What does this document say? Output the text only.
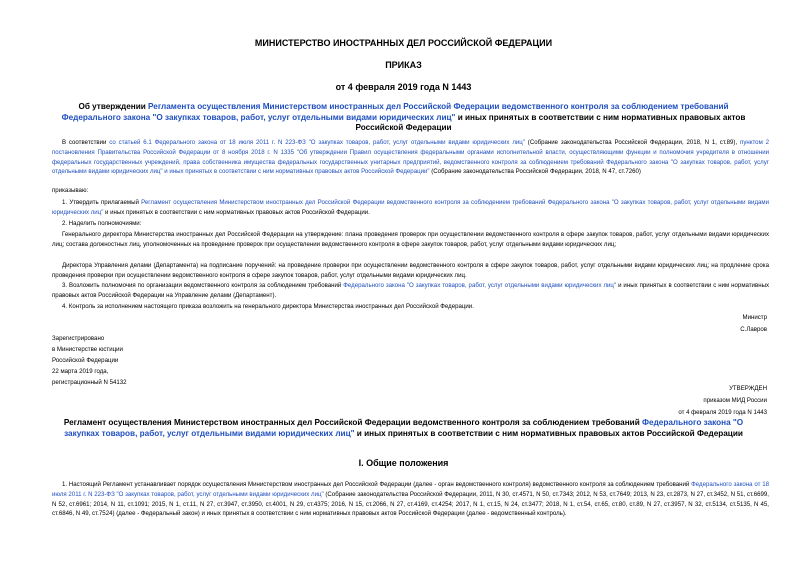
МИНИСТЕРСТВО ИНОСТРАННЫХ ДЕЛ РОССИЙСКОЙ ФЕДЕРАЦИИ
ПРИКАЗ
от 4 февраля 2019 года N 1443
Об утверждении Регламента осуществления Министерством иностранных дел Российской Федерации ведомственного контроля за соблюдением требований Федерального закона "О закупках товаров, работ, услуг отдельными видами юридических лиц" и иных принятых в соответствии с ним нормативных правовых актов Российской Федерации
В соответствии со статьей 6.1 Федерального закона от 18 июля 2011 г. N 223-ФЗ "О закупках товаров, работ, услуг отдельными видами юридических лиц" (Собрание законодательства Российской Федерации, 2018, N 1, ст.89), пунктом 2 постановления Правительства Российской Федерации от 8 ноября 2018 г. N 1335 "Об утверждении Правил осуществления федеральными органами исполнительной власти, осуществляющими функции и полномочия учредителя в отношении федеральных государственных учреждений, права собственника имущества федеральных государственных унитарных предприятий, ведомственного контроля за соблюдением требований Федерального закона "О закупках товаров, работ, услуг отдельными видами юридических лиц" и иных принятых в соответствии с ним нормативных правовых актов Российской Федерации" (Собрание законодательства Российской Федерации, 2018, N 47, ст.7260)
приказываю:
1. Утвердить прилагаемый Регламент осуществления Министерством иностранных дел Российской Федерации ведомственного контроля за соблюдением требований Федерального закона "О закупках товаров, работ, услуг отдельными видами юридических лиц" и иных принятых в соответствии с ним нормативных правовых актов Российской Федерации.
2. Наделить полномочиями:
Генерального директора Министерства иностранных дел Российской Федерации на утверждение: плана проведения проверок при осуществлении ведомственного контроля в сфере закупок товаров, работ, услуг отдельными видами юридических лиц; состава должностных лиц, уполномоченных на проведение проверок при осуществлении ведомственного контроля в сфере закупок товаров, работ, услуг отдельными видами юридических лиц;
Директора Управления делами (Департамента) на подписание поручений: на проведение проверки при осуществлении ведомственного контроля в сфере закупок товаров, работ, услуг отдельными видами юридических лиц; на продление срока проведения проверки при осуществлении ведомственного контроля в сфере закупок товаров, работ, услуг отдельными видами юридических лиц.
3. Возложить полномочия по организации ведомственного контроля за соблюдением требований Федерального закона "О закупках товаров, работ, услуг отдельными видами юридических лиц" и иных принятых в соответствии с ним нормативных правовых актов Российской Федерации на Управление делами (Департамент).
4. Контроль за исполнением настоящего приказа возложить на генерального директора Министерства иностранных дел Российской Федерации.
Министр
С.Лавров
Зарегистрировано
в Министерстве юстиции
Российской Федерации
22 марта 2019 года,
регистрационный N 54132
УТВЕРЖДЕН
приказом МИД России
от 4 февраля 2019 года N 1443
Регламент осуществления Министерством иностранных дел Российской Федерации ведомственного контроля за соблюдением требований Федерального закона "О закупках товаров, работ, услуг отдельными видами юридических лиц" и иных принятых в соответствии с ним нормативных правовых актов Российской Федерации
I. Общие положения
1. Настоящий Регламент устанавливает порядок осуществления Министерством иностранных дел Российской Федерации (далее - орган ведомственного контроля) ведомственного контроля за соблюдением требований Федерального закона от 18 июля 2011 г. N 223-ФЗ "О закупках товаров, работ, услуг отдельными видами юридических лиц" (Собрание законодательства Российской Федерации, 2011, N 30, ст.4571, N 50, ст.7343; 2012, N 53, ст.7649; 2013, N 23, ст.2873, N 27, ст.3452, N 51, ст.6699, N 52, ст.6961; 2014, N 11, ст.1091; 2015, N 1, ст.11, N 27, ст.3947, ст.3950, ст.4001, N 29, ст.4375; 2016, N 15, ст.2066, N 27, ст.4169, ст.4254; 2017, N 1, ст.15, N 24, ст.3477; 2018, N 1, ст.54, ст.65, ст.80, ст.89, N 27, ст.3957, N 32, ст.5134, ст.5135, N 45, ст.6846, N 49, ст.7524) (далее - Федеральный закон) и иных принятых в соответствии с ним нормативных правовых актов Российской Федерации (далее - ведомственный контроль).
